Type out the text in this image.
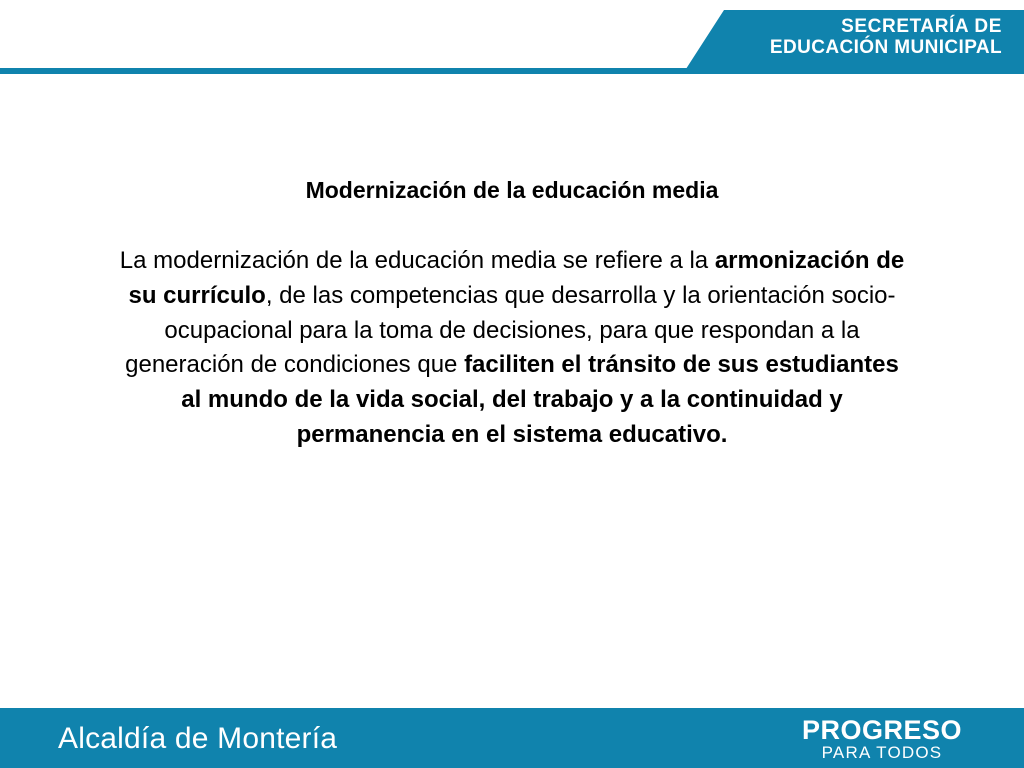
SECRETARÍA DE
EDUCACIÓN MUNICIPAL
Modernización de la educación media

La modernización de la educación media se refiere a la armonización de su currículo, de las competencias que desarrolla y la orientación socio-ocupacional para la toma de decisiones, para que respondan a la generación de condiciones que faciliten el tránsito de sus estudiantes al mundo de la vida social, del trabajo y a la continuidad y permanencia en el sistema educativo.

Alcaldía de Montería	PROGRESO
PARA TODOS
